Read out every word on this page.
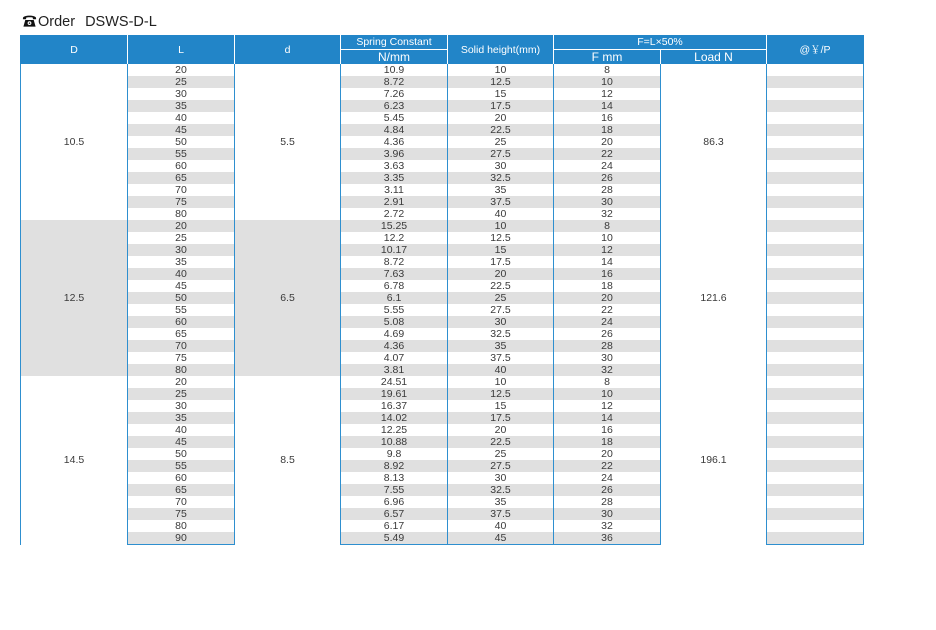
Order DSWS-D-L
D	L	d	Spring Constant	Solid height(mm)	F=L×50%		@￥/P
			N/mm		F mm	Load N	
10.5	20	5.5	10.9	10	8	86.3	
	25		8.72	12.5	10		
	30		7.26	15	12		
	35		6.23	17.5	14		
	40		5.45	20	16		
	45		4.84	22.5	18		
	50		4.36	25	20		
	55		3.96	27.5	22		
	60		3.63	30	24		
	65		3.35	32.5	26		
	70		3.11	35	28		
	75		2.91	37.5	30		
	80		2.72	40	32		
12.5	20	6.5	15.25	10	8	121.6	
	25		12.2	12.5	10		
	30		10.17	15	12		
	35		8.72	17.5	14		
	40		7.63	20	16		
	45		6.78	22.5	18		
	50		6.1	25	20		
	55		5.55	27.5	22		
	60		5.08	30	24		
	65		4.69	32.5	26		
	70		4.36	35	28		
	75		4.07	37.5	30		
	80		3.81	40	32		
14.5	20	8.5	24.51	10	8	196.1	
	25		19.61	12.5	10		
	30		16.37	15	12		
	35		14.02	17.5	14		
	40		12.25	20	16		
	45		10.88	22.5	18		
	50		9.8	25	20		
	55		8.92	27.5	22		
	60		8.13	30	24		
	65		7.55	32.5	26		
	70		6.96	35	28		
	75		6.57	37.5	30		
	80		6.17	40	32		
	90		5.49	45	36		
